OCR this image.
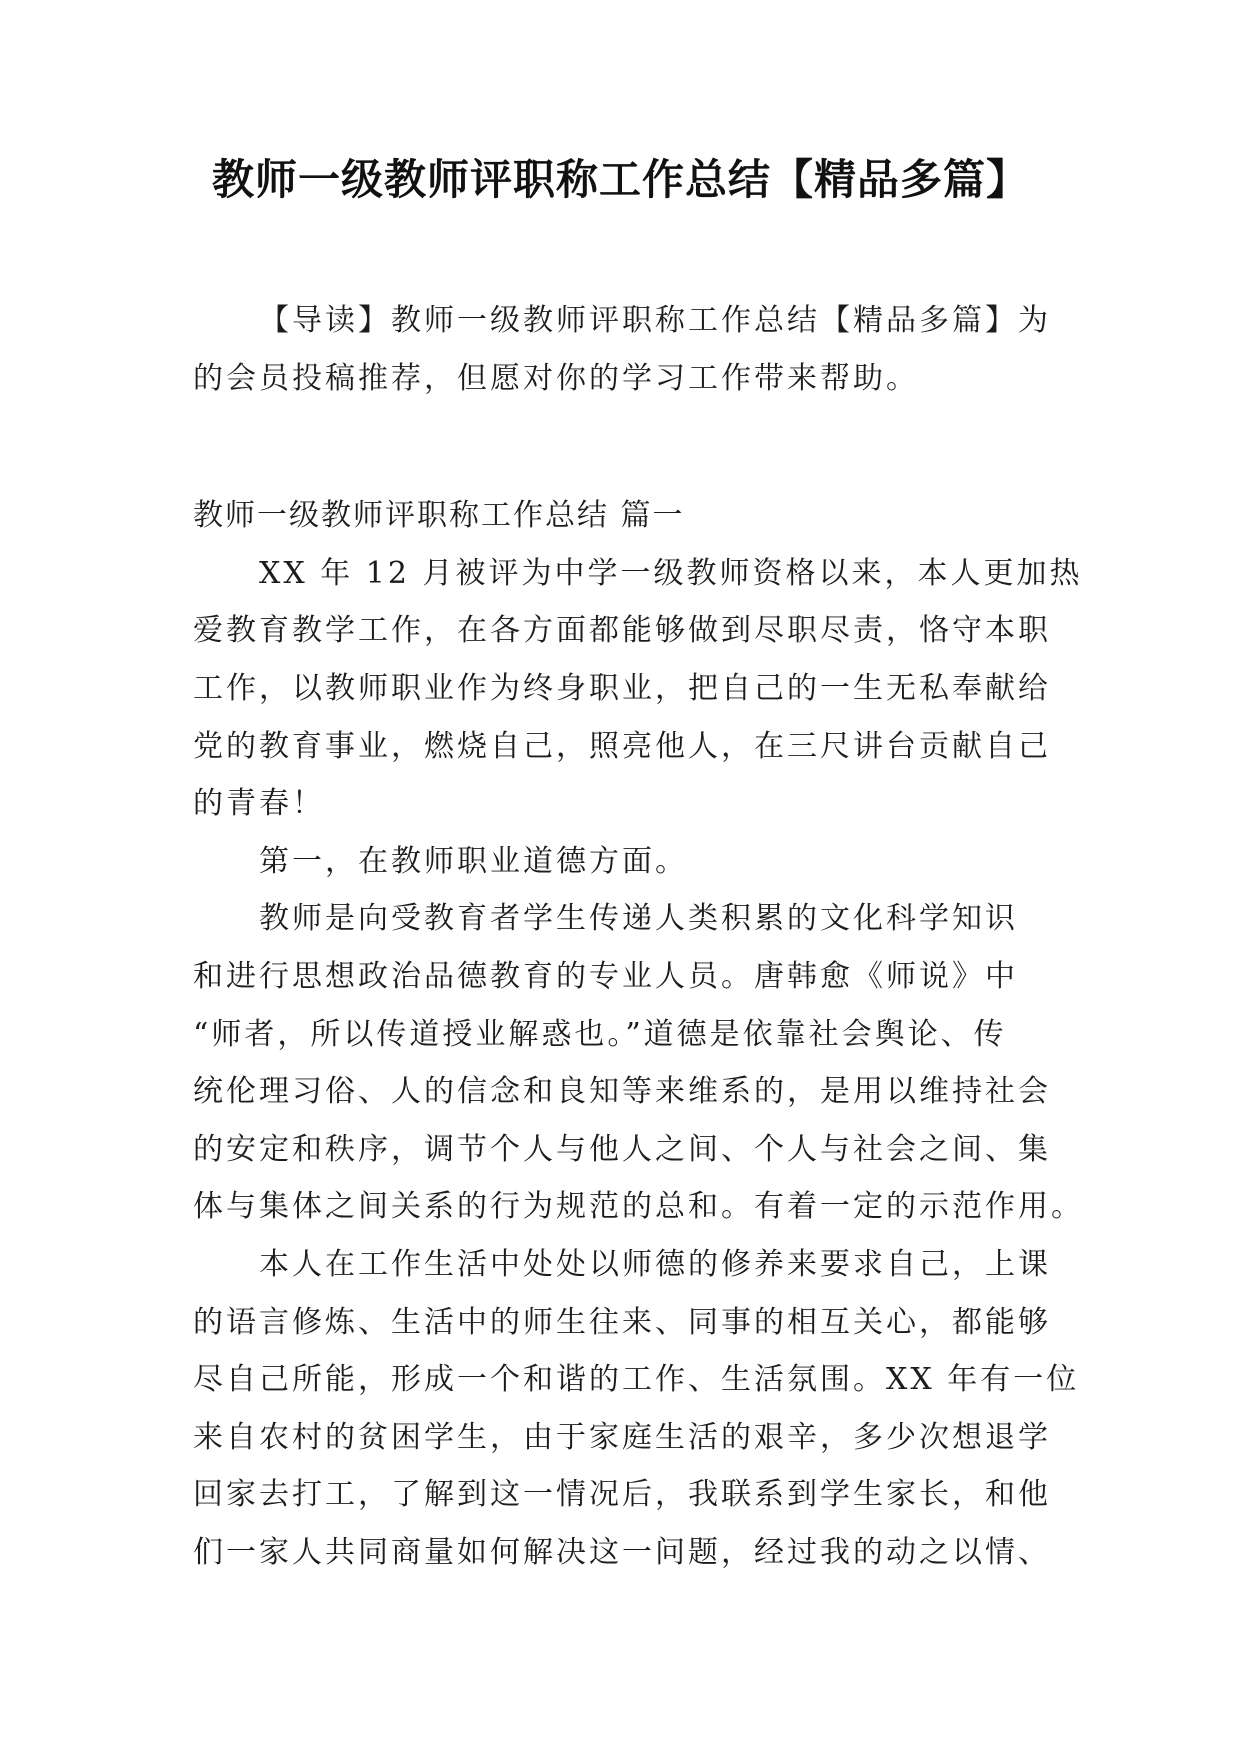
教师一级教师评职称工作总结【精品多篇】
【导读】教师一级教师评职称工作总结【精品多篇】为
的会员投稿推荐，但愿对你的学习工作带来帮助。
教师一级教师评职称工作总结 篇一
XX 年 12 月被评为中学一级教师资格以来，本人更加热
爱教育教学工作，在各方面都能够做到尽职尽责，恪守本职
工作，以教师职业作为终身职业，把自己的一生无私奉献给
党的教育事业，燃烧自己，照亮他人，在三尺讲台贡献自己
的青春！
第一，在教师职业道德方面。
教师是向受教育者学生传递人类积累的文化科学知识
和进行思想政治品德教育的专业人员。唐韩愈《师说》中
“师者，所以传道授业解惑也。”道德是依靠社会舆论、传
统伦理习俗、人的信念和良知等来维系的，是用以维持社会
的安定和秩序，调节个人与他人之间、个人与社会之间、集
体与集体之间关系的行为规范的总和。有着一定的示范作用。
本人在工作生活中处处以师德的修养来要求自己，上课
的语言修炼、生活中的师生往来、同事的相互关心，都能够
尽自己所能，形成一个和谐的工作、生活氛围。XX 年有一位
来自农村的贫困学生，由于家庭生活的艰辛，多少次想退学
回家去打工，了解到这一情况后，我联系到学生家长，和他
们一家人共同商量如何解决这一问题，经过我的动之以情、
